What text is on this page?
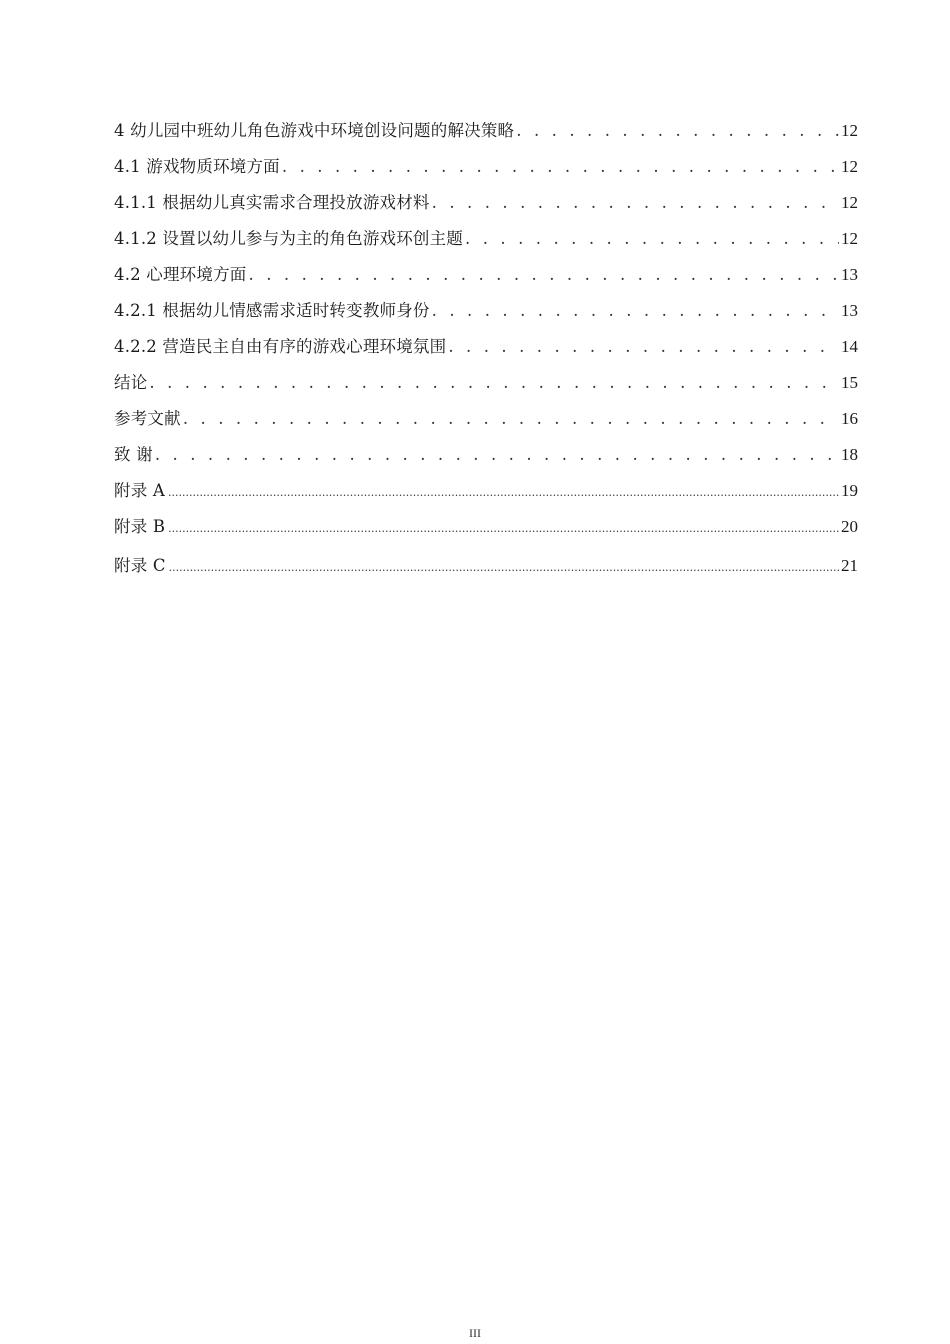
4 幼儿园中班幼儿角色游戏中环境创设问题的解决策略 . . .	12
4.1 游戏物质环境方面 . . .	12
4.1.1 根据幼儿真实需求合理投放游戏材料 . . .	12
4.1.2 设置以幼儿参与为主的角色游戏环创主题 . . .	12
4.2 心理环境方面 . . .	13
4.2.1 根据幼儿情感需求适时转变教师身份 . . .	13
4.2.2 营造民主自由有序的游戏心理环境氛围 . . .	14
结论 . . .	15
参考文献 . . .	16
致 谢 . . .	18
附录 A .....	19
附录 B .....	20
附录 C .....	21
III
